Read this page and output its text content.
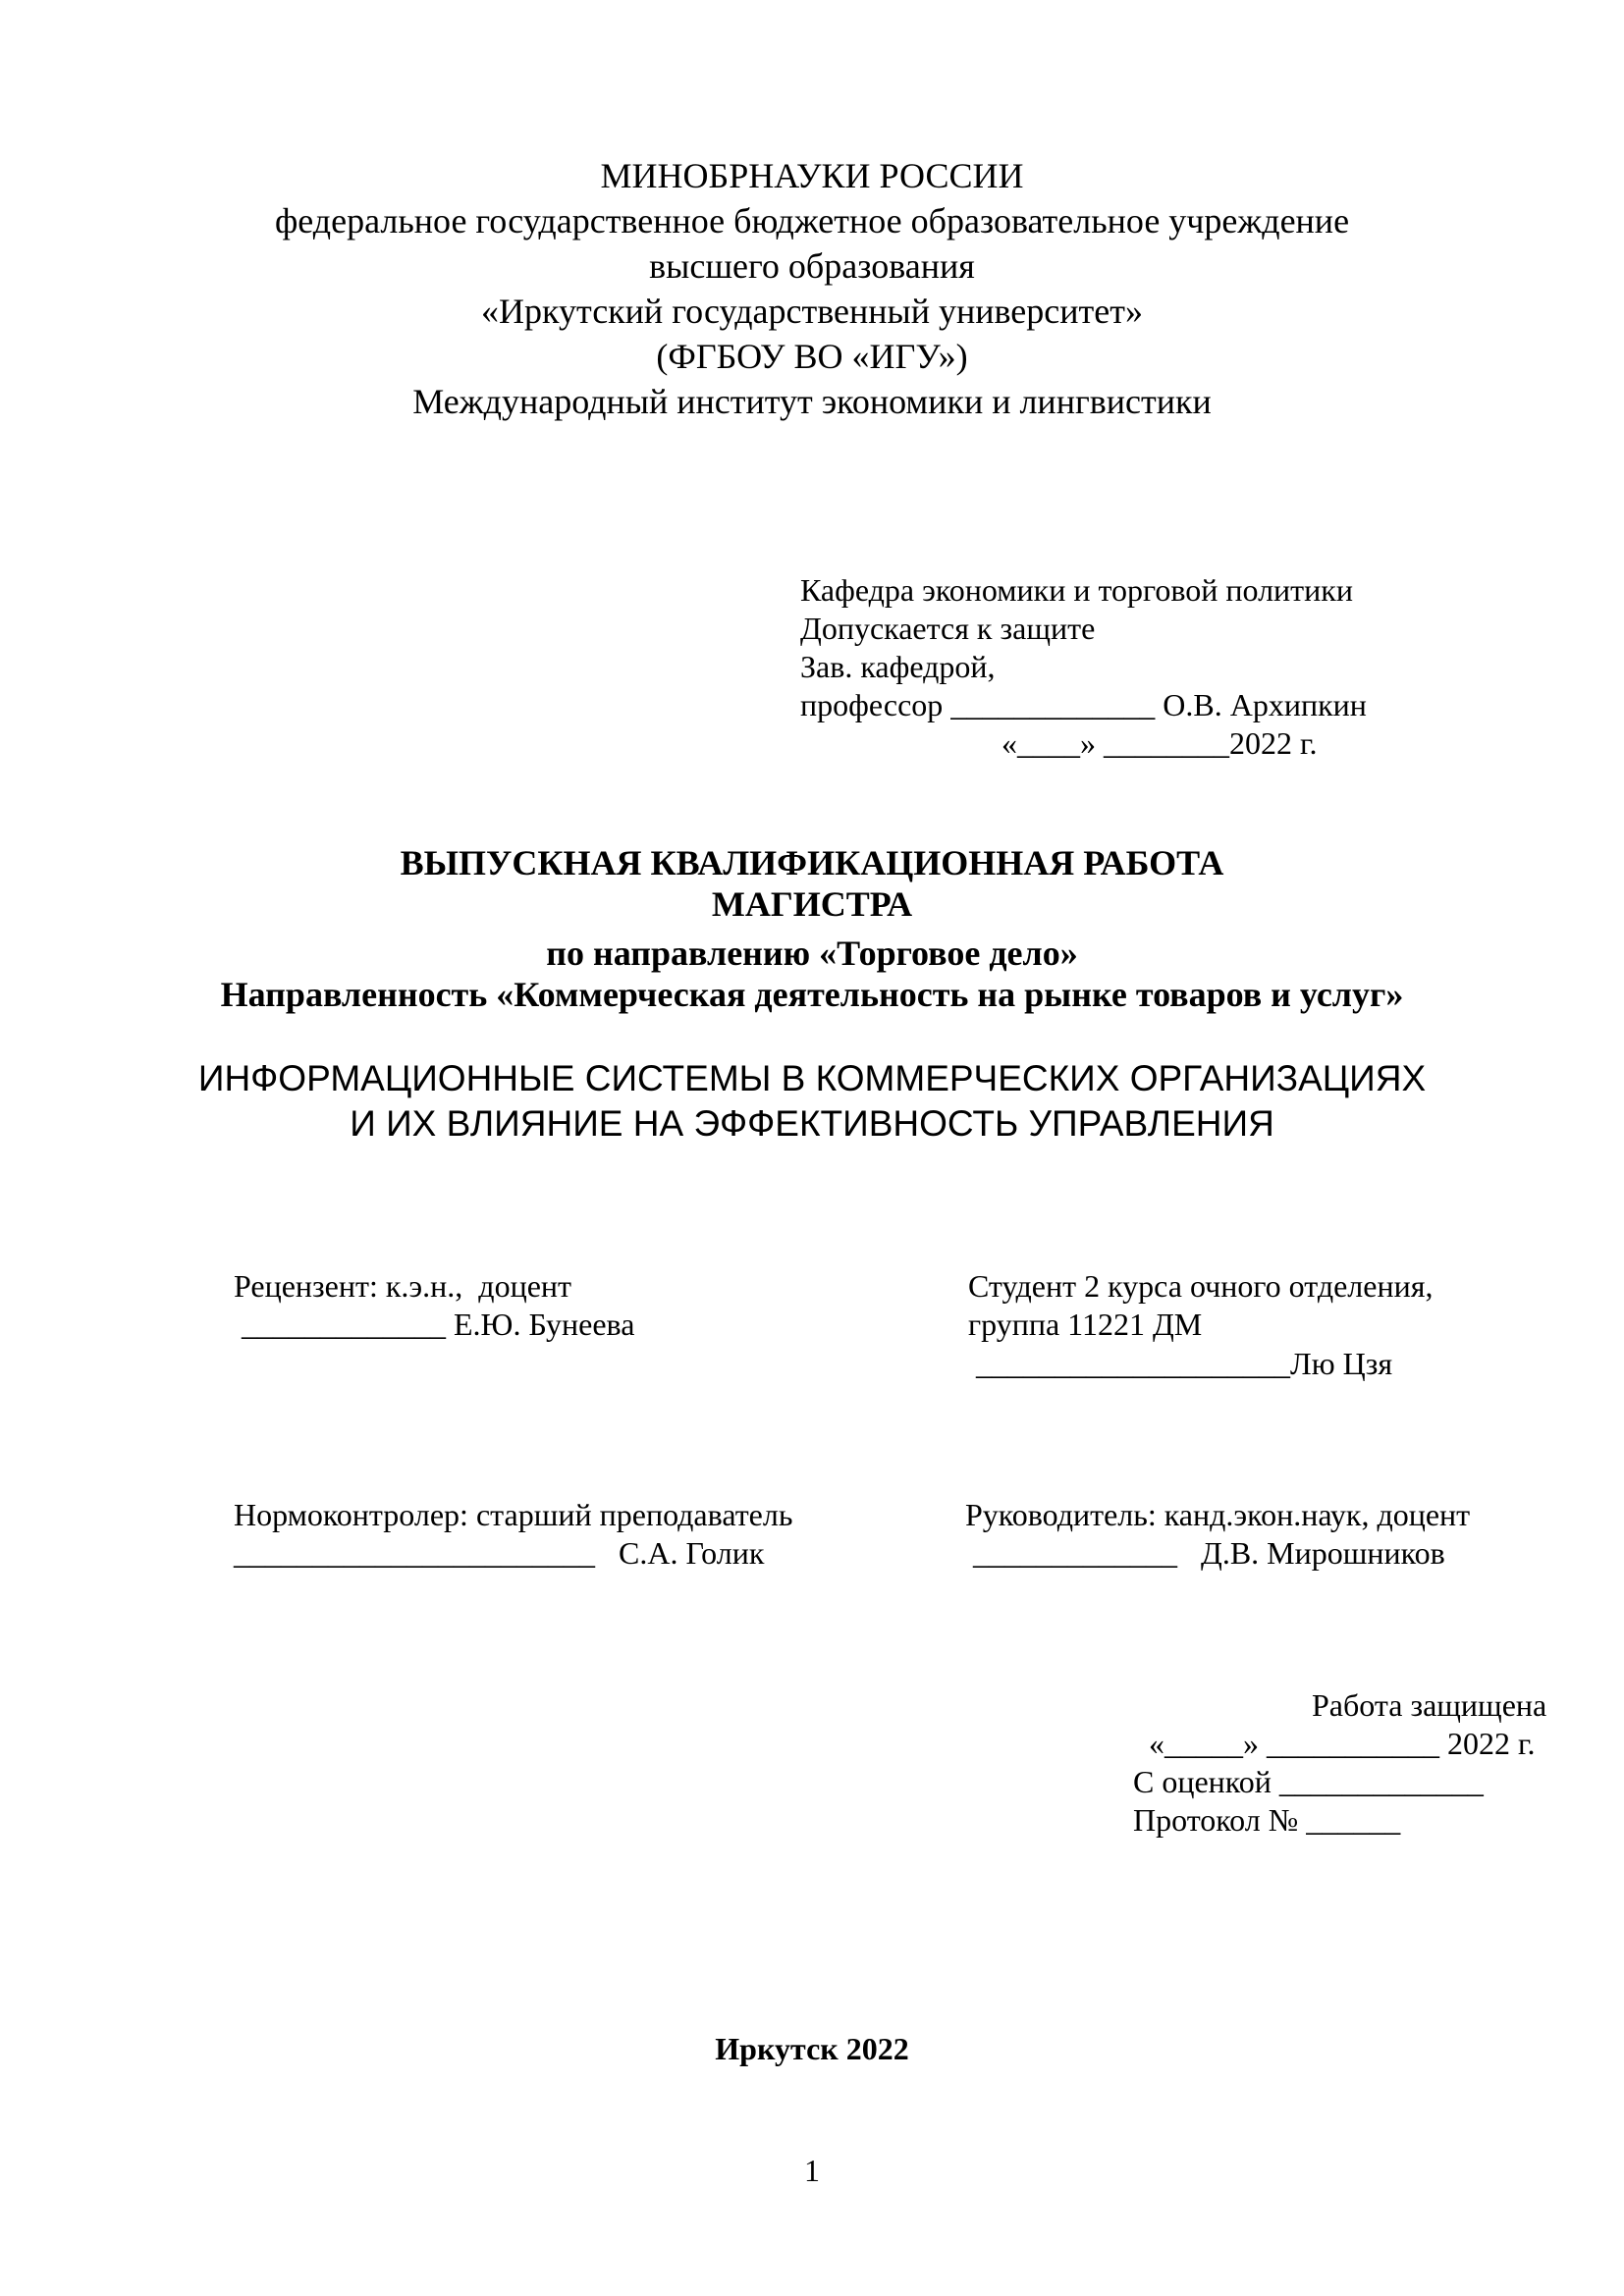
МИНОБРНАУКИ РОССИИ
федеральное государственное бюджетное образовательное учреждение
высшего образования
«Иркутский государственный университет»
(ФГБОУ ВО «ИГУ»)
Международный институт экономики и лингвистики
Кафедра экономики и торговой политики
Допускается к защите
Зав. кафедрой,
профессор _____________ О.В. Архипкин
«____» ________2022 г.
ВЫПУСКНАЯ КВАЛИФИКАЦИОННАЯ РАБОТА
МАГИСТРА
по направлению «Торговое дело»
Направленность «Коммерческая деятельность на рынке товаров и услуг»
ИНФОРМАЦИОННЫЕ СИСТЕМЫ В КОММЕРЧЕСКИХ ОРГАНИЗАЦИЯХ
И ИХ ВЛИЯНИЕ НА ЭФФЕКТИВНОСТЬ УПРАВЛЕНИЯ
Рецензент: к.э.н.,  доцент
_____________ Е.Ю. Бунеева
Студент 2 курса очного отделения,
группа 11221 ДМ
____________________Лю Цзя
Нормоконтролер: старший преподаватель
_______________________   С.А. Голик
Руководитель: канд.экон.наук, доцент
_____________   Д.В. Мирошников
Работа защищена
«_____» ___________ 2022 г.
С оценкой _____________
Протокол № ______
Иркутск 2022
1
